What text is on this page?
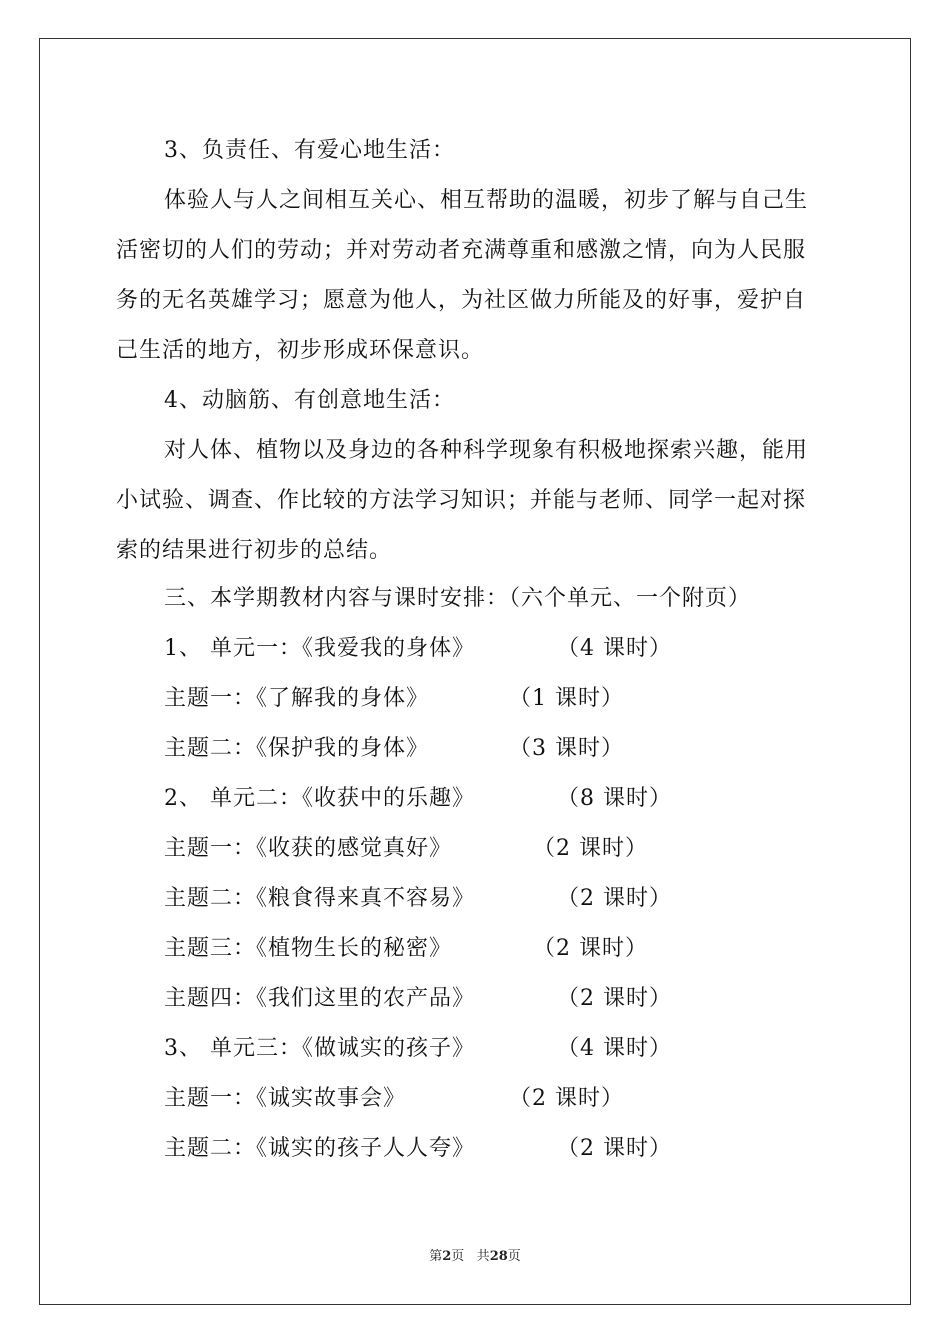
3、负责任、有爱心地生活：
体验人与人之间相互关心、相互帮助的温暖，初步了解与自己生
活密切的人们的劳动；并对劳动者充满尊重和感激之情，向为人民服
务的无名英雄学习；愿意为他人，为社区做力所能及的好事，爱护自
己生活的地方，初步形成环保意识。
4、动脑筋、有创意地生活：
对人体、植物以及身边的各种科学现象有积极地探索兴趣，能用
小试验、调查、作比较的方法学习知识；并能与老师、同学一起对探
索的结果进行初步的总结。
三、本学期教材内容与课时安排：（六个单元、一个附页）
1、 单元一：《我爱我的身体》	（4 课时）
主题一：《了解我的身体》	（1 课时）
主题二：《保护我的身体》	（3 课时）
2、 单元二：《收获中的乐趣》	（8 课时）
主题一：《收获的感觉真好》	（2 课时）
主题二：《粮食得来真不容易》	（2 课时）
主题三：《植物生长的秘密》	（2 课时）
主题四：《我们这里的农产品》	（2 课时）
3、 单元三：《做诚实的孩子》	（4 课时）
主题一：《诚实故事会》	（2 课时）
主题二：《诚实的孩子人人夸》	（2 课时）
第2页 共28页
